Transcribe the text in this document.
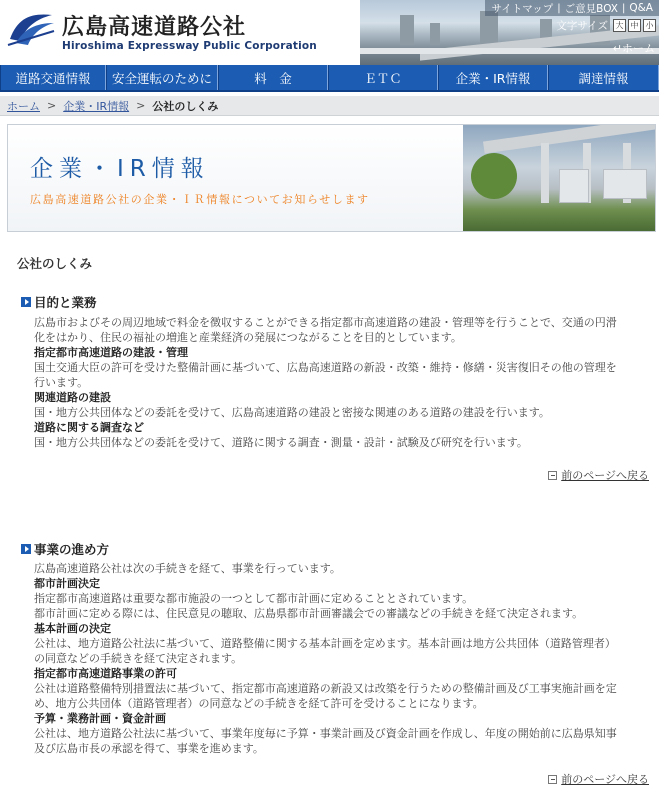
広島高速道路公社
Hiroshima Expressway Public Corporation
サイトマップ | ご意見BOX | Q&A
文字サイズ 大 中 小
↵ホーム
道路交通情報	安全運転のために	料　金	ＥＴＣ	企業・IR情報	調達情報
ホーム > 企業・IR情報 > 公社のしくみ
企業・IR情報
広島高速道路公社の企業・ＩＲ情報についてお知らせします
公社のしくみ
目的と業務

広島市およびその周辺地域で料金を徴収することができる指定都市高速道路の建設・管理等を行うことで、交通の円滑

化をはかり、住民の福祉の増進と産業経済の発展につながることを目的としています。

指定都市高速道路の建設・管理

国土交通大臣の許可を受けた整備計画に基づいて、広島高速道路の新設・改築・維持・修繕・災害復旧その他の管理を

行います。

関連道路の建設

国・地方公共団体などの委託を受けて、広島高速道路の建設と密接な関連のある道路の建設を行います。

道路に関する調査など

国・地方公共団体などの委託を受けて、道路に関する調査・測量・設計・試験及び研究を行います。

前のページへ戻る
事業の進め方

広島高速道路公社は次の手続きを経て、事業を行っています。

都市計画決定

指定都市高速道路は重要な都市施設の一つとして都市計画に定めることとされています。

都市計画に定める際には、住民意見の聴取、広島県都市計画審議会での審議などの手続きを経て決定されます。

基本計画の決定

公社は、地方道路公社法に基づいて、道路整備に関する基本計画を定めます。基本計画は地方公共団体（道路管理者）

の同意などの手続きを経て決定されます。

指定都市高速道路事業の許可

公社は道路整備特別措置法に基づいて、指定都市高速道路の新設又は改築を行うための整備計画及び工事実施計画を定

め、地方公共団体（道路管理者）の同意などの手続きを経て許可を受けることになります。

予算・業務計画・資金計画

公社は、地方道路公社法に基づいて、事業年度毎に予算・事業計画及び資金計画を作成し、年度の開始前に広島県知事

及び広島市長の承認を得て、事業を進めます。

前のページへ戻る
